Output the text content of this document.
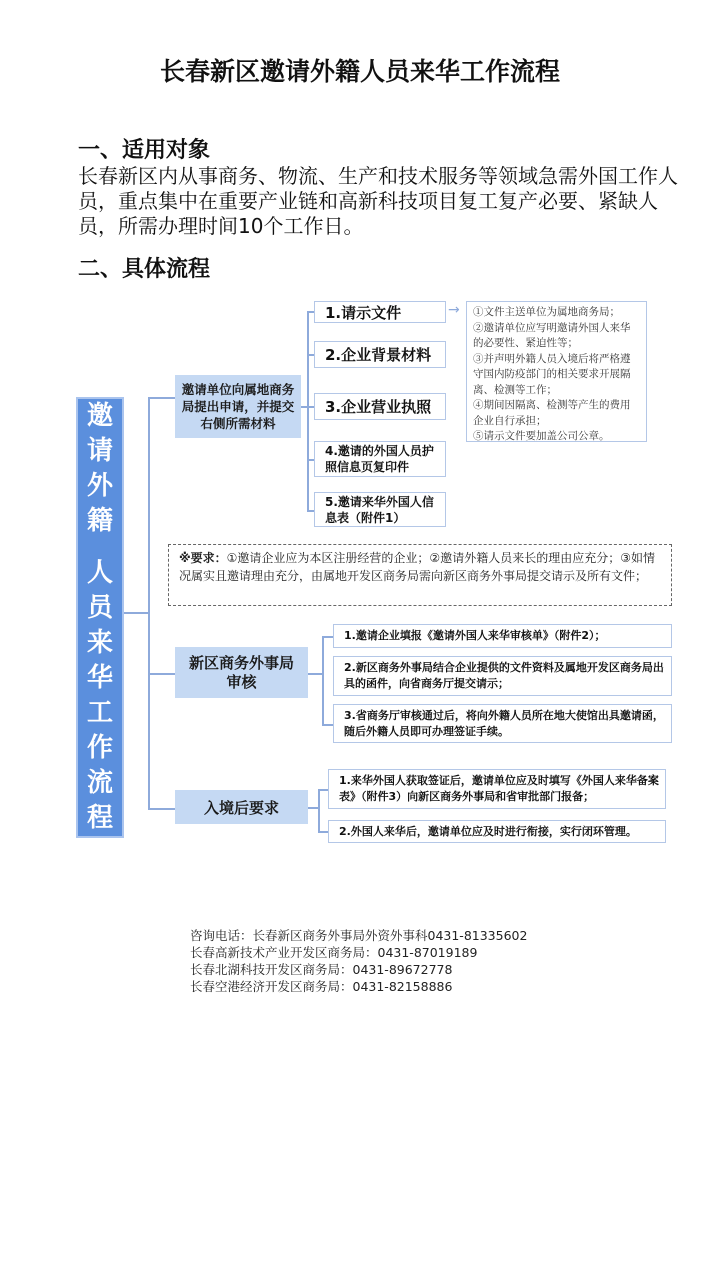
长春新区邀请外籍人员来华工作流程
一、适用对象
长春新区内从事商务、物流、生产和技术服务等领域急需外国工作人员，重点集中在重要产业链和高新科技项目复工复产必要、紧缺人员，所需办理时间10个工作日。
二、具体流程
邀请外籍
人员来华工作流程
邀请单位向属地商务局提出申请，并提交右侧所需材料
1.请示文件
2.企业背景材料
3.企业营业执照
4.邀请的外国人员护照信息页复印件
5.邀请来华外国人信息表（附件1）
→ ①文件主送单位为属地商务局；
②邀请单位应写明邀请外国人来华的必要性、紧迫性等；
③并声明外籍人员入境后将严格遵守国内防疫部门的相关要求开展隔离、检测等工作；
④期间因隔离、检测等产生的费用企业自行承担；
⑤请示文件要加盖公司公章。
※要求：①邀请企业应为本区注册经营的企业；②邀请外籍人员来长的理由应充分；③如情况属实且邀请理由充分，由属地开发区商务局需向新区商务外事局提交请示及所有文件；
新区商务外事局审核
1.邀请企业填报《邀请外国人来华审核单》（附件2）；
2.新区商务外事局结合企业提供的文件资料及属地开发区商务局出具的函件，向省商务厅提交请示；
3.省商务厅审核通过后，将向外籍人员所在地大使馆出具邀请函，随后外籍人员即可办理签证手续。
入境后要求
1.来华外国人获取签证后，邀请单位应及时填写《外国人来华备案表》（附件3）向新区商务外事局和省审批部门报备；
2.外国人来华后，邀请单位应及时进行衔接，实行闭环管理。
咨询电话：长春新区商务外事局外资外事科0431-81335602
长春高新技术产业开发区商务局：0431-87019189
长春北湖科技开发区商务局：0431-89672778
长春空港经济开发区商务局：0431-82158886
